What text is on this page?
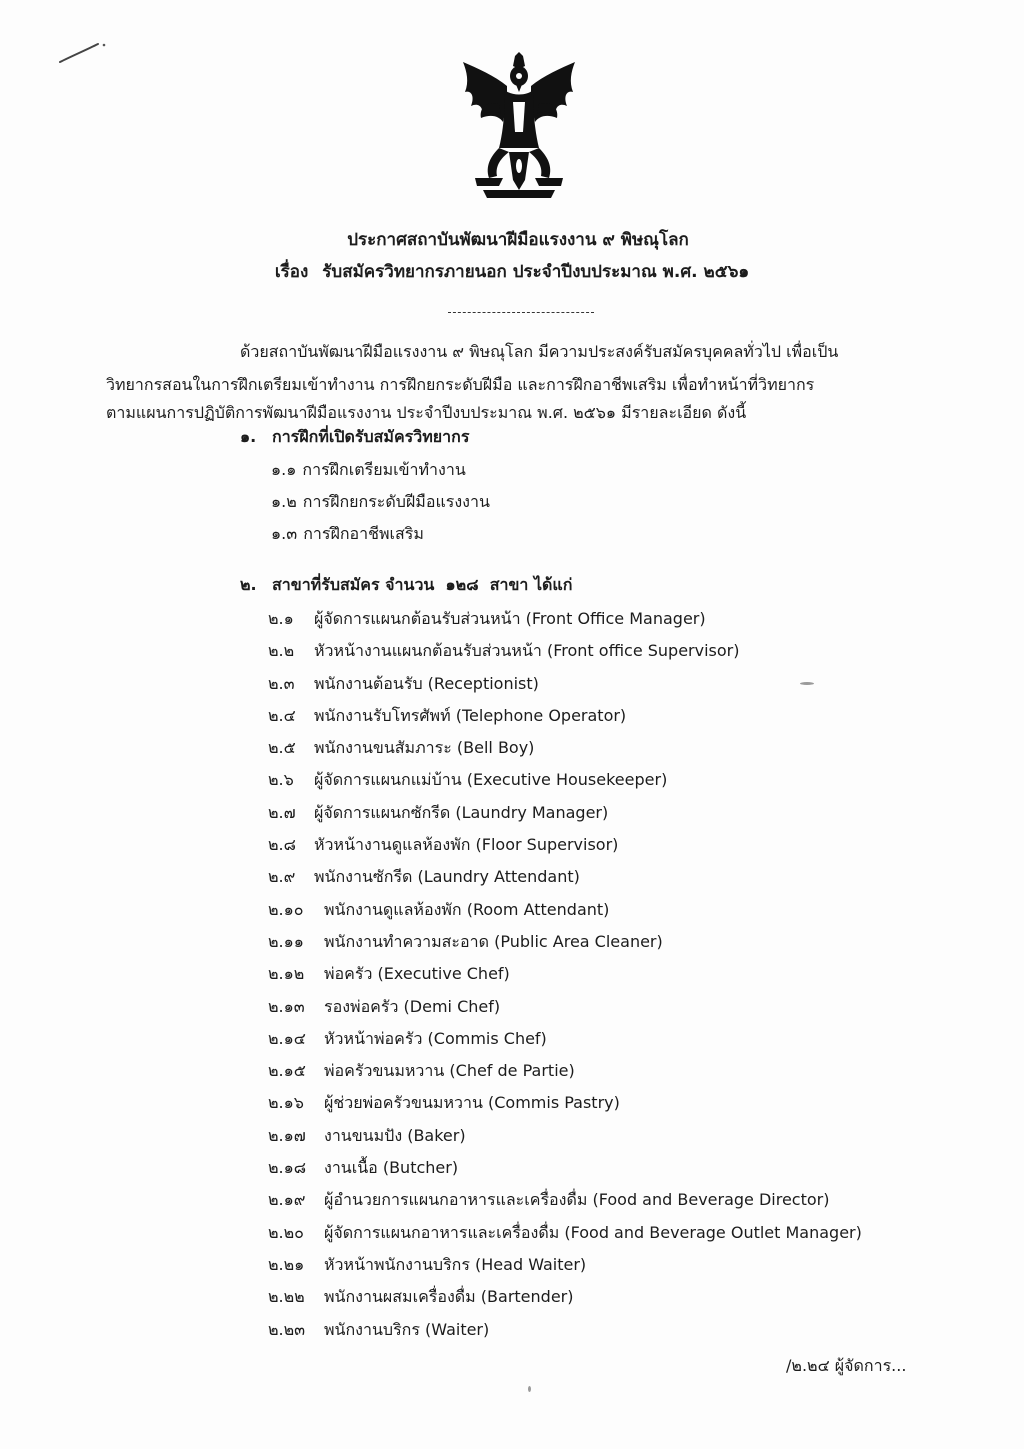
ประกาศสถาบันพัฒนาฝีมือแรงงาน ๙ พิษณุโลก
เรื่อง รับสมัครวิทยากรภายนอก ประจำปีงบประมาณ พ.ศ. ๒๕๖๑
ด้วยสถาบันพัฒนาฝีมือแรงงาน ๙ พิษณุโลก มีความประสงค์รับสมัครบุคคลทั่วไป เพื่อเป็น
วิทยากรสอนในการฝึกเตรียมเข้าทำงาน การฝึกยกระดับฝีมือ และการฝึกอาชีพเสริม เพื่อทำหน้าที่วิทยากร
ตามแผนการปฏิบัติการพัฒนาฝีมือแรงงาน ประจำปีงบประมาณ พ.ศ. ๒๕๖๑ มีรายละเอียด ดังนี้
๑. การฝึกที่เปิดรับสมัครวิทยากร
๑.๑ การฝึกเตรียมเข้าทำงาน
๑.๒ การฝึกยกระดับฝีมือแรงงาน
๑.๓ การฝึกอาชีพเสริม
๒. สาขาที่รับสมัคร จำนวน ๑๒๘ สาขา ได้แก่
๒.๑ ผู้จัดการแผนกต้อนรับส่วนหน้า (Front Office Manager)
๒.๒ หัวหน้างานแผนกต้อนรับส่วนหน้า (Front office Supervisor)
๒.๓ พนักงานต้อนรับ (Receptionist)
๒.๔ พนักงานรับโทรศัพท์ (Telephone Operator)
๒.๕ พนักงานขนสัมภาระ (Bell Boy)
๒.๖ ผู้จัดการแผนกแม่บ้าน (Executive Housekeeper)
๒.๗ ผู้จัดการแผนกซักรีด (Laundry Manager)
๒.๘ หัวหน้างานดูแลห้องพัก (Floor Supervisor)
๒.๙ พนักงานซักรีด (Laundry Attendant)
๒.๑๐ พนักงานดูแลห้องพัก (Room Attendant)
๒.๑๑ พนักงานทำความสะอาด (Public Area Cleaner)
๒.๑๒ พ่อครัว (Executive Chef)
๒.๑๓ รองพ่อครัว (Demi Chef)
๒.๑๔ หัวหน้าพ่อครัว (Commis Chef)
๒.๑๕ พ่อครัวขนมหวาน (Chef de Partie)
๒.๑๖ ผู้ช่วยพ่อครัวขนมหวาน (Commis Pastry)
๒.๑๗ งานขนมปัง (Baker)
๒.๑๘ งานเนื้อ (Butcher)
๒.๑๙ ผู้อำนวยการแผนกอาหารและเครื่องดื่ม (Food and Beverage Director)
๒.๒๐ ผู้จัดการแผนกอาหารและเครื่องดื่ม (Food and Beverage Outlet Manager)
๒.๒๑ หัวหน้าพนักงานบริกร (Head Waiter)
๒.๒๒ พนักงานผสมเครื่องดื่ม (Bartender)
๒.๒๓ พนักงานบริกร (Waiter)
/๒.๒๔ ผู้จัดการ...
